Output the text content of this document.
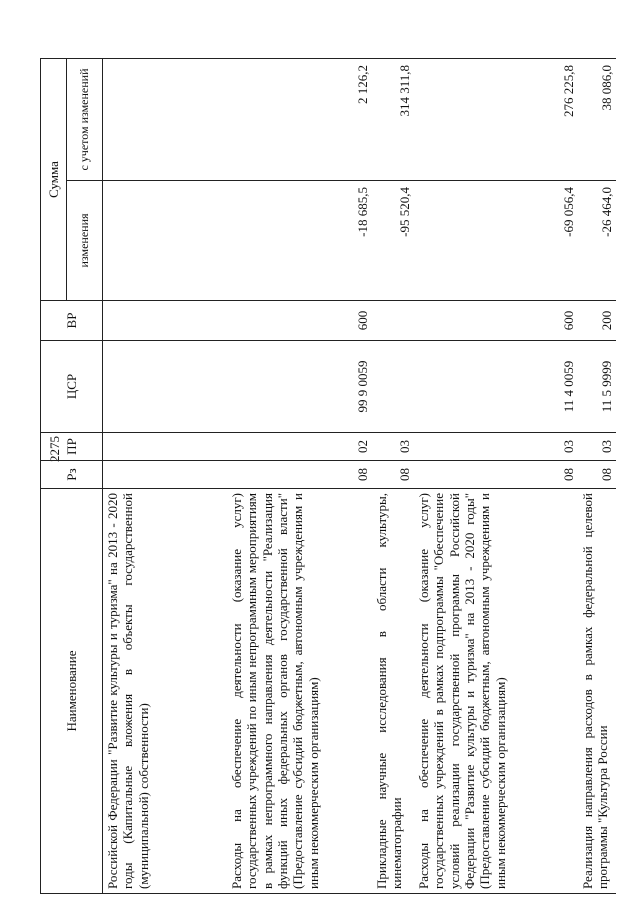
2275
Наименование	Рз	ПР	ЦСР	ВР	Сумма	
					изменения	с учетом изменений
Российской Федерации "Развитие культуры и туризма" на 2013 - 2020 годы (Капитальные вложения в объекты государственной (муниципальной) собственности)						
Расходы на обеспечение деятельности (оказание услуг) государственных учреждений по иным непрограммным мероприятиям в рамках непрограммного направления деятельности "Реализация функций иных федеральных органов государственной власти" (Предоставление субсидий бюджетным, автономным учреждениям и иным некоммерческим организациям)	08	02	99 9 0059	600	-18 685,5	2 126,2
Прикладные научные исследования в области культуры, кинематографии	08	03			-95 520,4	314 311,8
Расходы на обеспечение деятельности (оказание услуг) государственных учреждений в рамках подпрограммы "Обеспечение условий реализации государственной программы Российской Федерации "Развитие культуры и туризма" на 2013 - 2020 годы" (Предоставление субсидий бюджетным, автономным учреждениям и иным некоммерческим организациям)	08	03	11 4 0059	600	-69 056,4	276 225,8
Реализация направления расходов в рамках федеральной целевой программы "Культура России	08	03	11 5 9999	200	-26 464,0	38 086,0
